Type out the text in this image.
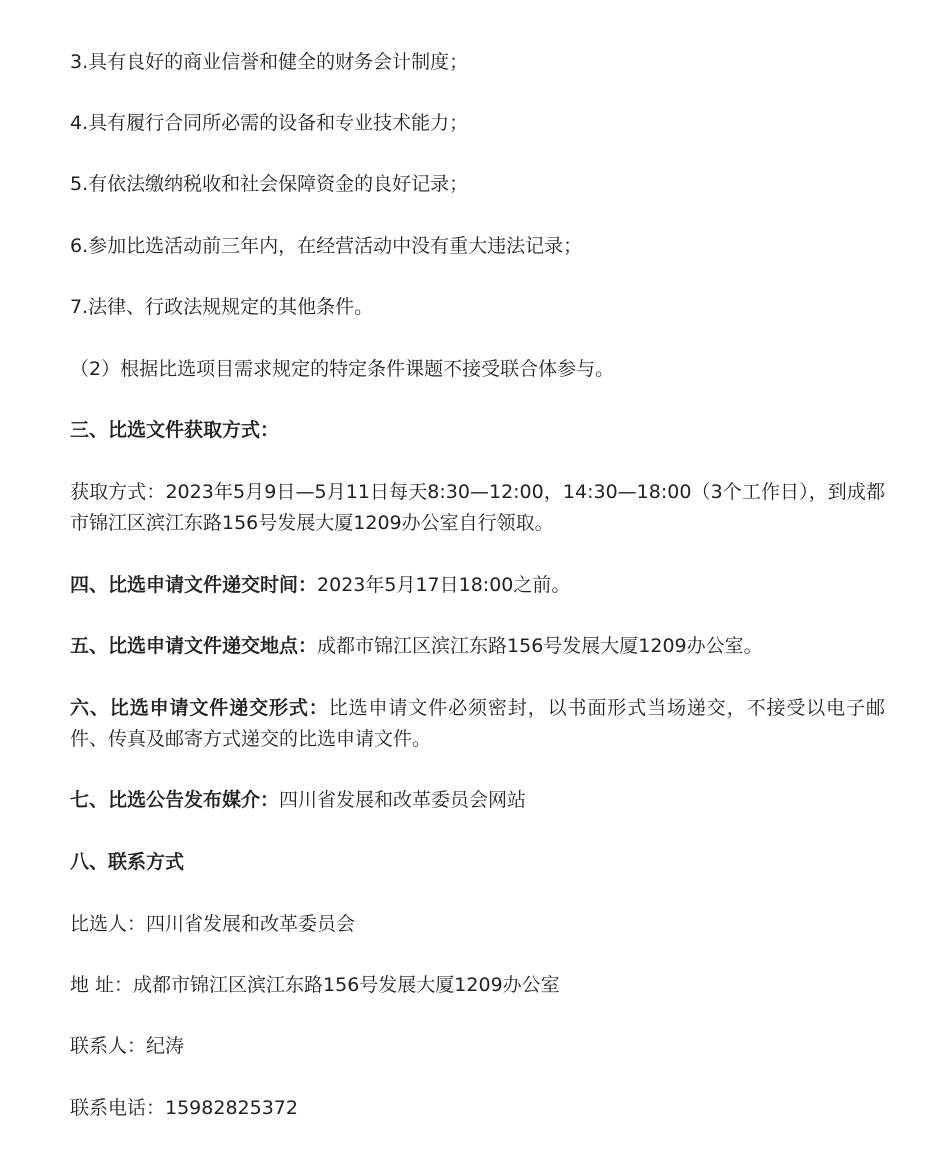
3.具有良好的商业信誉和健全的财务会计制度；
4.具有履行合同所必需的设备和专业技术能力；
5.有依法缴纳税收和社会保障资金的良好记录；
6.参加比选活动前三年内，在经营活动中没有重大违法记录；
7.法律、行政法规规定的其他条件。
（2）根据比选项目需求规定的特定条件课题不接受联合体参与。
三、比选文件获取方式：
获取方式：2023年5月9日—5月11日每天8:30—12:00，14:30—18:00（3个工作日），到成都市锦江区滨江东路156号发展大厦1209办公室自行领取。
四、比选申请文件递交时间：2023年5月17日18:00之前。
五、比选申请文件递交地点：成都市锦江区滨江东路156号发展大厦1209办公室。
六、比选申请文件递交形式：比选申请文件必须密封，以书面形式当场递交，不接受以电子邮件、传真及邮寄方式递交的比选申请文件。
七、比选公告发布媒介：四川省发展和改革委员会网站
八、联系方式
比选人：四川省发展和改革委员会
地 址：成都市锦江区滨江东路156号发展大厦1209办公室
联系人：纪涛
联系电话：15982825372
